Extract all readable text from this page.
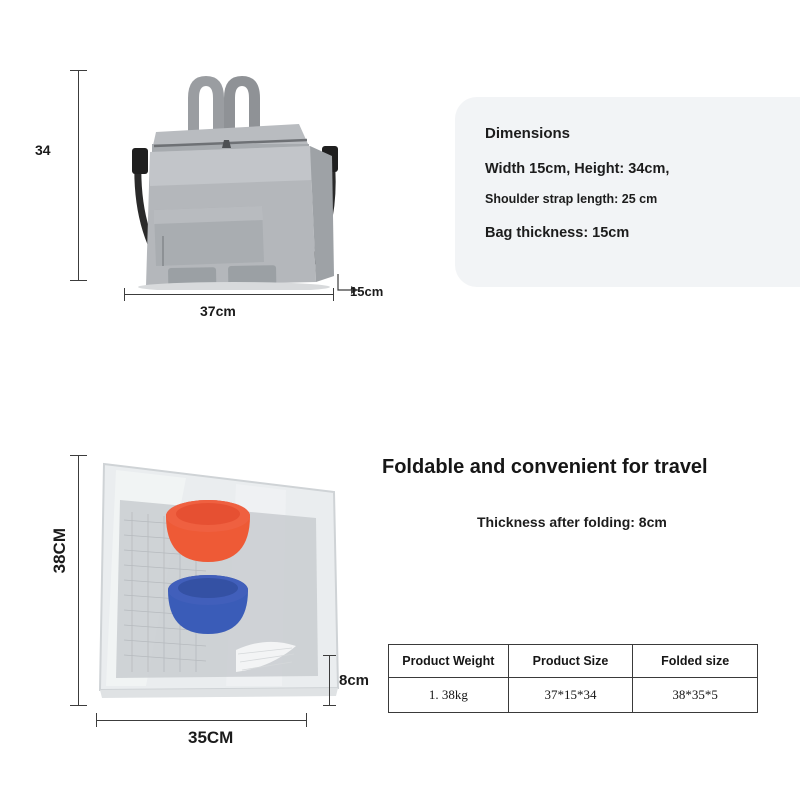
34
37cm
15cm
Dimensions
Width 15cm, Height: 34cm,
Shoulder strap length: 25 cm
Bag thickness: 15cm
38CM
35CM
8cm
Foldable and convenient for travel
Thickness after folding: 8cm
Product Weight	Product Size	Folded size
1. 38kg	37*15*34	38*35*5
